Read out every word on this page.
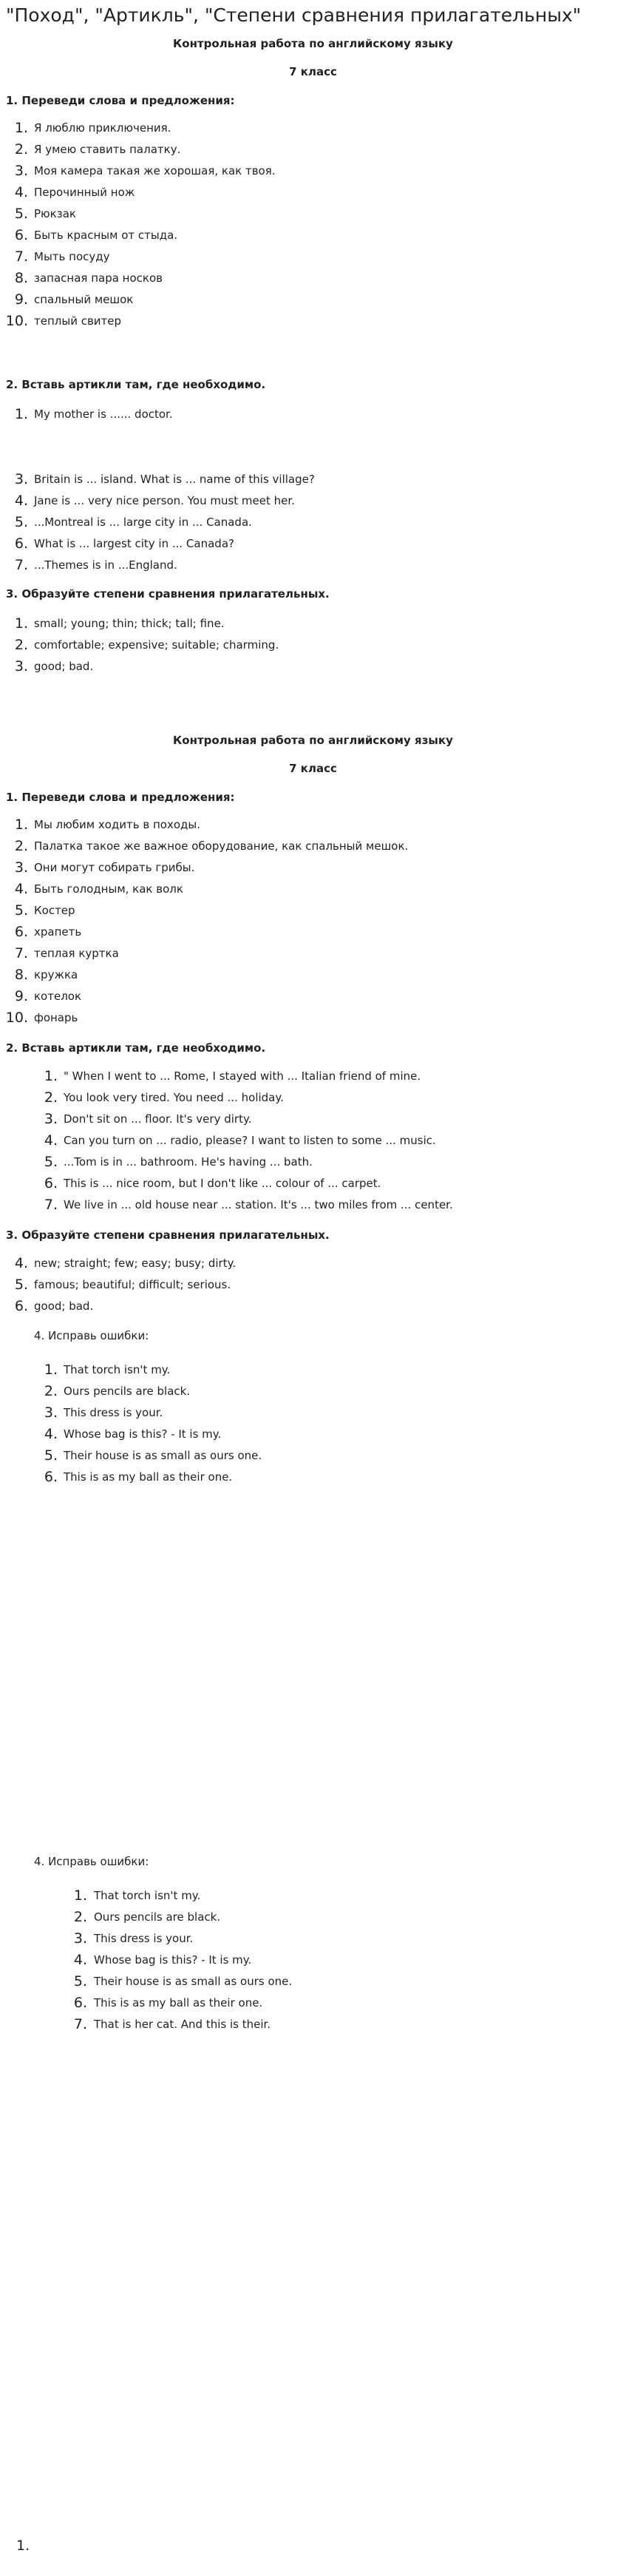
"Поход", "Артикль", "Степени сравнения прилагательных"

Контрольная работа по английскому языку

7 класс

1. Переведи слова и предложения:

1. Я люблю приключения.
2. Я умею ставить палатку.
3. Моя камера такая же хорошая, как твоя.
4. Перочинный нож
5. Рюкзак
6. Быть красным от стыда.
7. Мыть посуду
8. запасная пара носков
9. спальный мешок
10. теплый свитер

2. Вставь артикли там, где необходимо.

1. My mother is ...... doctor.
3. Britain is ... island. What is ... name of this village?
4. Jane is ... very nice person. You must meet her.
5. ...Montreal is ... large city in ... Canada.
6. What is ... largest city in ... Canada?
7. ...Themes is in ...England.

3. Образуйте степени сравнения прилагательных.

1. small; young; thin; thick; tall; fine.
2. comfortable; expensive; suitable; charming.
3. good; bad.

Контрольная работа по английскому языку

7 класс

1. Переведи слова и предложения:

1. Мы любим ходить в походы.
2. Палатка такое же важное оборудование, как спальный мешок.
3. Они могут собирать грибы.
4. Быть голодным, как волк
5. Костер
6. храпеть
7. теплая куртка
8. кружка
9. котелок
10. фонарь

2. Вставь артикли там, где необходимо.

1. " When I went to ... Rome, I stayed with ... Italian friend of mine.
2. You look very tired. You need ... holiday.
3. Don't sit on ... floor. It's very dirty.
4. Can you turn on ... radio, please? I want to listen to some ... music.
5. ...Tom is in ... bathroom. He's having ... bath.
6. This is ... nice room, but I don't like ... colour of ... carpet.
7. We live in ... old house near ... station. It's ... two miles from ... center.

3. Образуйте степени сравнения прилагательных.

4. new; straight; few; easy; busy; dirty.
5. famous; beautiful; difficult; serious.
6. good; bad.

4. Исправь ошибки:

1. That torch isn't my.
2. Ours pencils are black.
3. This dress is your.
4. Whose bag is this? - It is my.
5. Their house is as small as ours one.
6. This is as my ball as their one.

4. Исправь ошибки:

1. That torch isn't my.
2. Ours pencils are black.
3. This dress is your.
4. Whose bag is this? - It is my.
5. Their house is as small as ours one.
6. This is as my ball as their one.
7. That is her cat. And this is their.
1.
